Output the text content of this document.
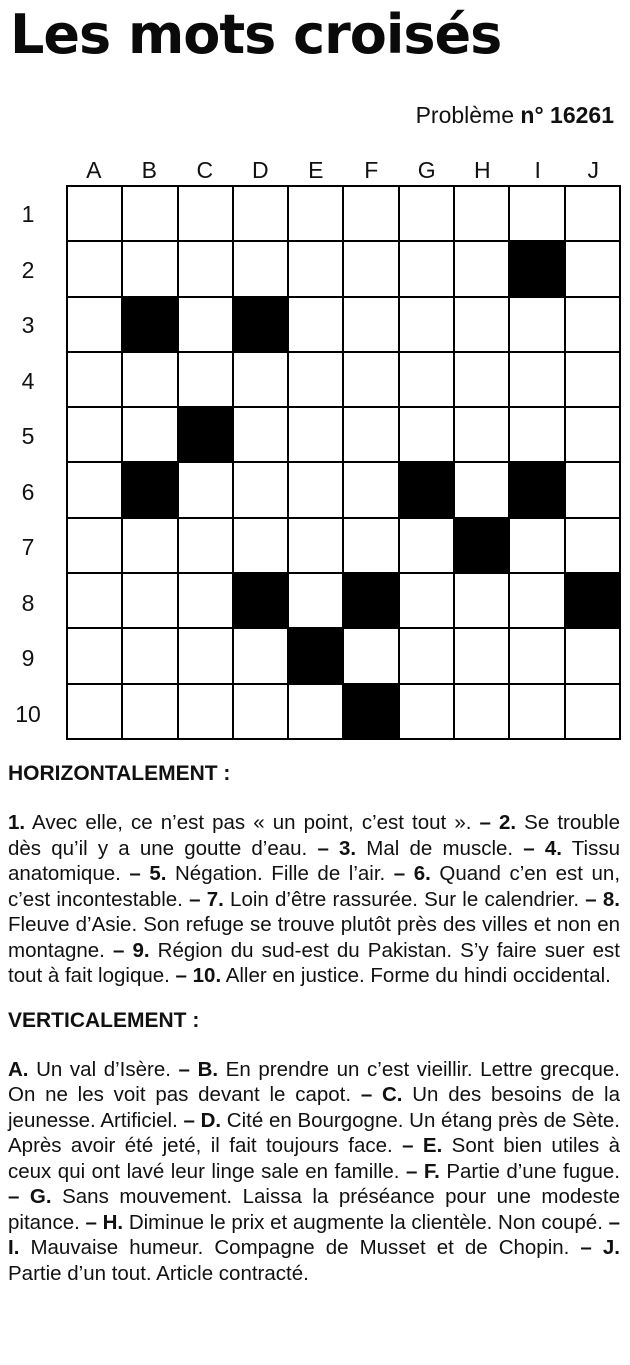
Les mots croisés
Problème n° 16261
A	B	C	D	E	F	G	H	I	J
1
2
3
4
5
6
7
8
9
10
HORIZONTALEMENT :

1. Avec elle, ce n’est pas « un point, c’est tout ». – 2. Se trouble dès qu’il y a une goutte d’eau. – 3. Mal de muscle. – 4. Tissu anatomique. – 5. Négation. Fille de l’air. – 6. Quand c’en est un, c’est incontestable. – 7. Loin d’être rassurée. Sur le calendrier. – 8. Fleuve d’Asie. Son refuge se trouve plutôt près des villes et non en montagne. – 9. Région du sud-est du Pakistan. S’y faire suer est tout à fait logique. – 10. Aller en justice. Forme du hindi occidental.

VERTICALEMENT :

A. Un val d’Isère. – B. En prendre un c’est vieillir. Lettre grecque. On ne les voit pas devant le capot. – C. Un des besoins de la jeunesse. Artificiel. – D. Cité en Bourgogne. Un étang près de Sète. Après avoir été jeté, il fait toujours face. – E. Sont bien utiles à ceux qui ont lavé leur linge sale en famille. – F. Partie d’une fugue. – G. Sans mouvement. Laissa la préséance pour une modeste pitance. – H. Diminue le prix et augmente la clientèle. Non coupé. – I. Mauvaise humeur. Compagne de Musset et de Chopin. – J. Partie d’un tout. Article contracté.
